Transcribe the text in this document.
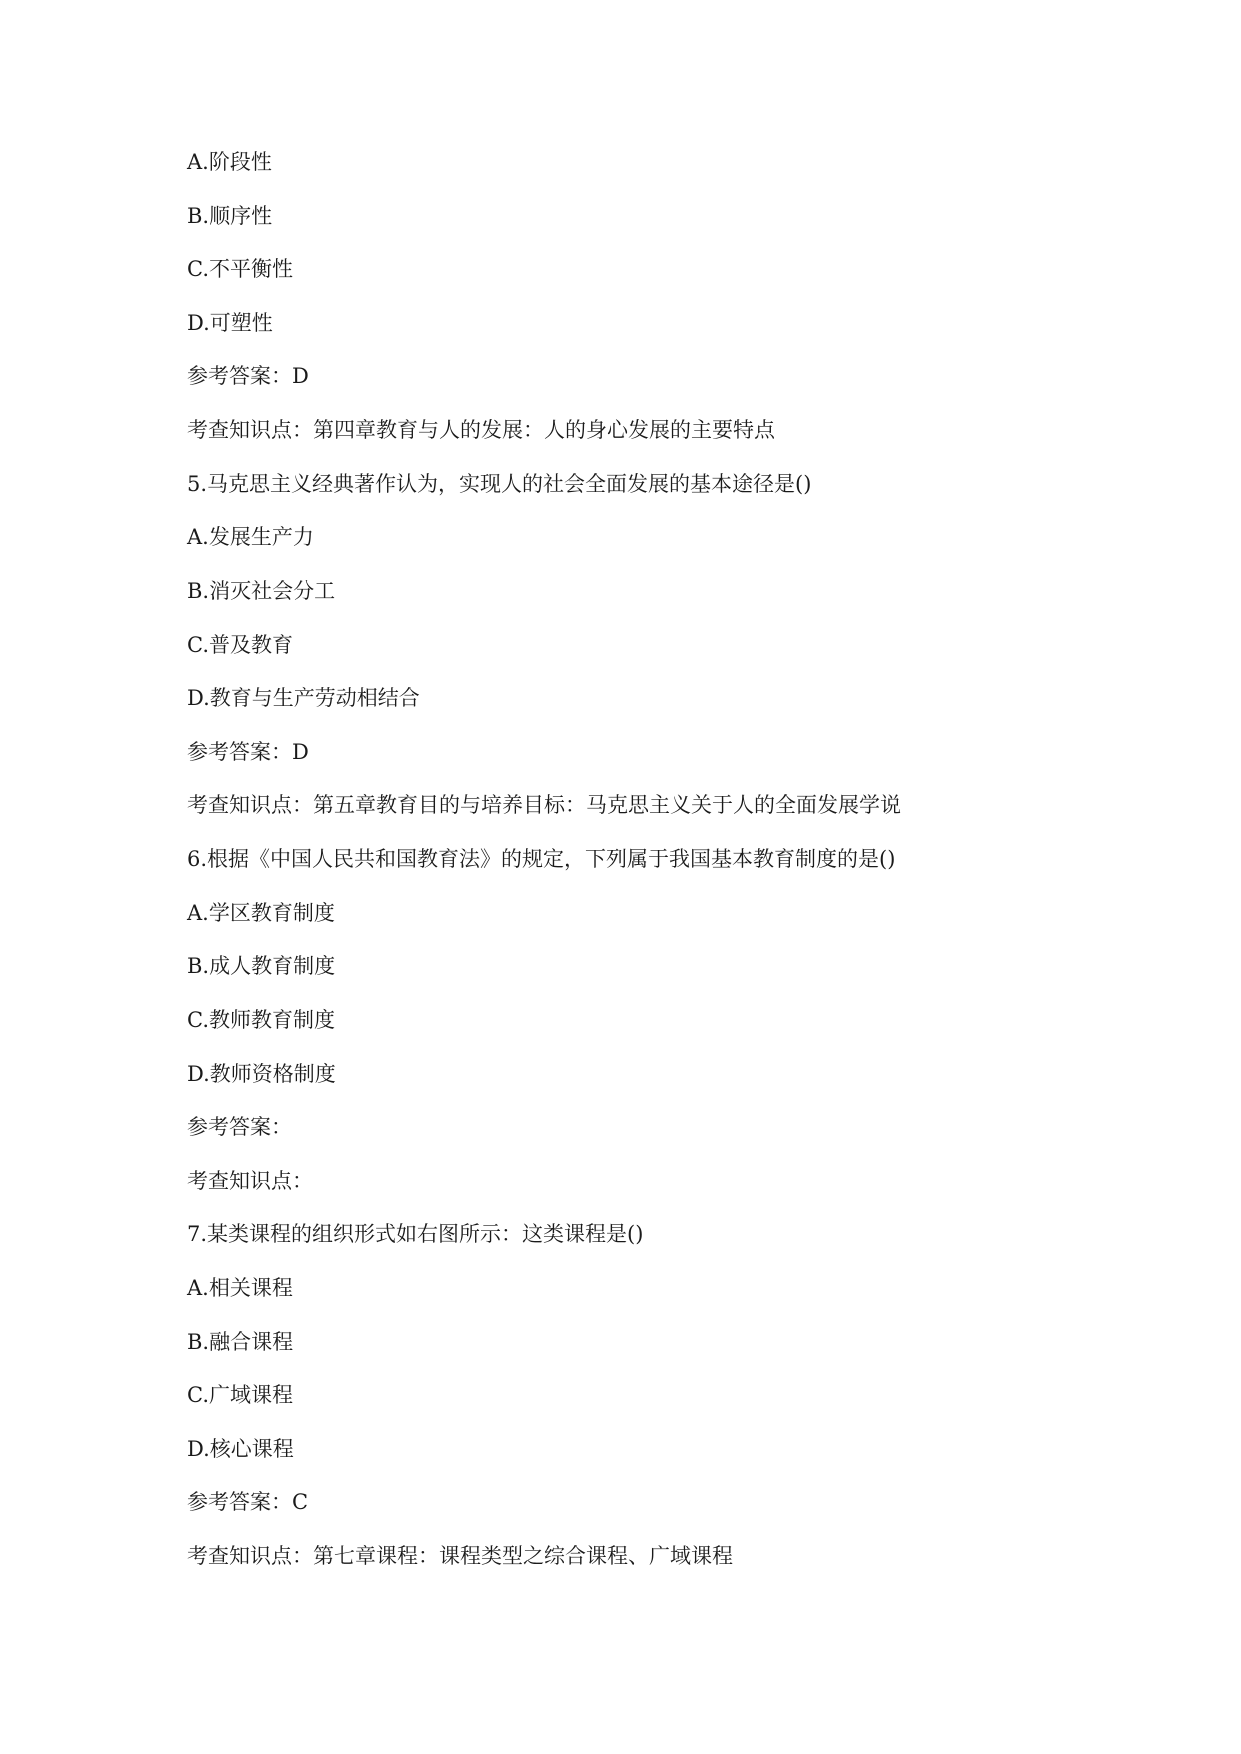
A.阶段性
B.顺序性
C.不平衡性
D.可塑性
参考答案：D
考查知识点：第四章教育与人的发展：人的身心发展的主要特点
5.马克思主义经典著作认为，实现人的社会全面发展的基本途径是()
A.发展生产力
B.消灭社会分工
C.普及教育
D.教育与生产劳动相结合
参考答案：D
考查知识点：第五章教育目的与培养目标：马克思主义关于人的全面发展学说
6.根据《中国人民共和国教育法》的规定，下列属于我国基本教育制度的是()
A.学区教育制度
B.成人教育制度
C.教师教育制度
D.教师资格制度
参考答案：
考查知识点：
7.某类课程的组织形式如右图所示：这类课程是()
A.相关课程
B.融合课程
C.广域课程
D.核心课程
参考答案：C
考查知识点：第七章课程：课程类型之综合课程、广域课程
